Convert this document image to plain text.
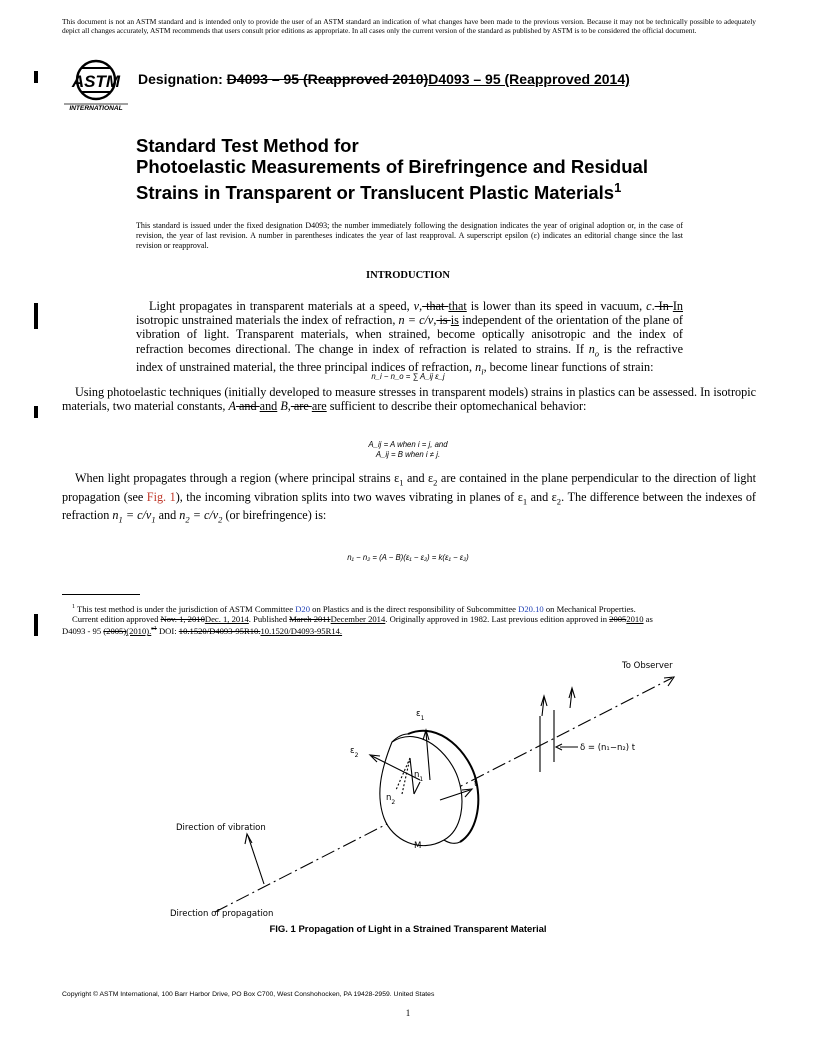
This document is not an ASTM standard and is intended only to provide the user of an ASTM standard an indication of what changes have been made to the previous version. Because it may not be technically possible to adequately depict all changes accurately, ASTM recommends that users consult prior editions as appropriate. In all cases only the current version of the standard as published by ASTM is to be considered the official document.
ASTM
INTERNATIONAL
Designation: D4093 – 95 (Reapproved 2010)D4093 – 95 (Reapproved 2014)
Standard Test Method for
Photoelastic Measurements of Birefringence and Residual Strains in Transparent or Translucent Plastic Materials$^1$
This standard is issued under the fixed designation D4093; the number immediately following the designation indicates the year of original adoption or, in the case of revision, the year of last revision. A number in parentheses indicates the year of last reapproval. A superscript epsilon (ε) indicates an editorial change since the last revision or reapproval.
INTRODUCTION
Light propagates in transparent materials at a speed, v, that that is lower than its speed in vacuum, c. In In isotropic unstrained materials the index of refraction, n = c/v, is is independent of the orientation of the plane of vibration of light. Transparent materials, when strained, become optically anisotropic and the index of refraction becomes directional. The change in index of refraction is related to strains. If $n_o$ is the refractive index of unstrained material, the three principal indices of refraction, $n_i$, become linear functions of strain:
n_i − n_o = ∑ A_ij ε_j
Using photoelastic techniques (initially developed to measure stresses in transparent models) strains in plastics can be assessed. In isotropic materials, two material constants, A and and B, are are sufficient to describe their optomechanical behavior:
A_ij = A when i = j, and
A_ij = B when i ≠ j.
When light propagates through a region (where principal strains $\varepsilon_1$ and $\varepsilon_2$ are contained in the plane perpendicular to the direction of light propagation (see Fig. 1), the incoming vibration splits into two waves vibrating in planes of $\varepsilon_1$ and $\varepsilon_2$. The difference between the indexes of refraction $n_1 = c/v_1$ and $n_2 = c/v_2$ (or birefringence) is:
n₁ − n₂ = (A − B)(ε₁ − ε₂) = k(ε₁ − ε₂)
$^1$ This test method is under the jurisdiction of ASTM Committee D20 on Plastics and is the direct responsibility of Subcommittee D20.10 on Mechanical Properties.
Current edition approved Nov. 1, 2010Dec. 1, 2014. Published March 2011December 2014. Originally approved in 1982. Last previous edition approved in 20052010 as
D4093 - 95 (2005)(2010).$^{\varepsilon 1}$ DOI: 10.1520/D4093-95R10.10.1520/D4093-95R14.
To Observer
δ = (n₁−n₂) t
$\varepsilon_1$
$\varepsilon_2$
$n_1$
$n_2$
t
M
Direction of vibration
Direction of propagation
FIG. 1 Propagation of Light in a Strained Transparent Material
Copyright © ASTM International, 100 Barr Harbor Drive, PO Box C700, West Conshohocken, PA 19428-2959. United States
1
